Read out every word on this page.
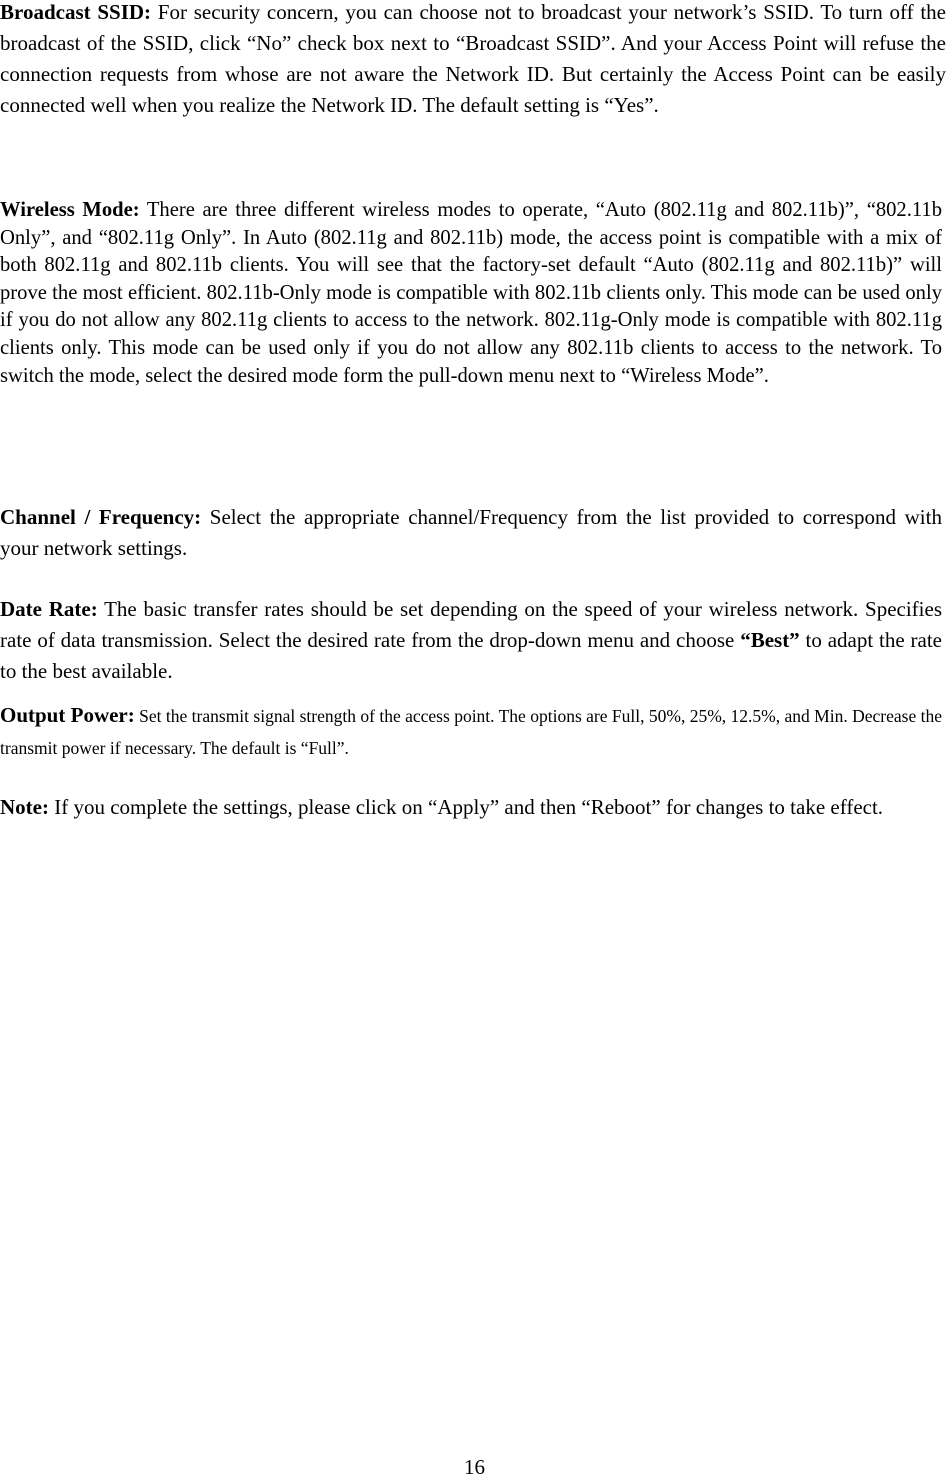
Broadcast SSID: For security concern, you can choose not to broadcast your network’s SSID. To turn off the broadcast of the SSID, click “No” check box next to “Broadcast SSID”. And your Access Point will refuse the connection requests from whose are not aware the Network ID. But certainly the Access Point can be easily connected well when you realize the Network ID. The default setting is “Yes”.

Wireless Mode: There are three different wireless modes to operate, “Auto (802.11g and 802.11b)”, “802.11b Only”, and “802.11g Only”. In Auto (802.11g and 802.11b) mode, the access point is compatible with a mix of both 802.11g and 802.11b clients. You will see that the factory-set default “Auto (802.11g and 802.11b)” will prove the most efficient. 802.11b-Only mode is compatible with 802.11b clients only. This mode can be used only if you do not allow any 802.11g clients to access to the network. 802.11g-Only mode is compatible with 802.11g clients only. This mode can be used only if you do not allow any 802.11b clients to access to the network. To switch the mode, select the desired mode form the pull-down menu next to “Wireless Mode”.

Channel / Frequency: Select the appropriate channel/Frequency from the list provided to correspond with your network settings.

Date Rate: The basic transfer rates should be set depending on the speed of your wireless network. Specifies rate of data transmission. Select the desired rate from the drop-down menu and choose “Best” to adapt the rate to the best available.

Output Power: Set the transmit signal strength of the access point. The options are Full, 50%, 25%, 12.5%, and Min. Decrease the transmit power if necessary. The default is “Full”.

Note: If you complete the settings, please click on “Apply” and then “Reboot” for changes to take effect.

16
